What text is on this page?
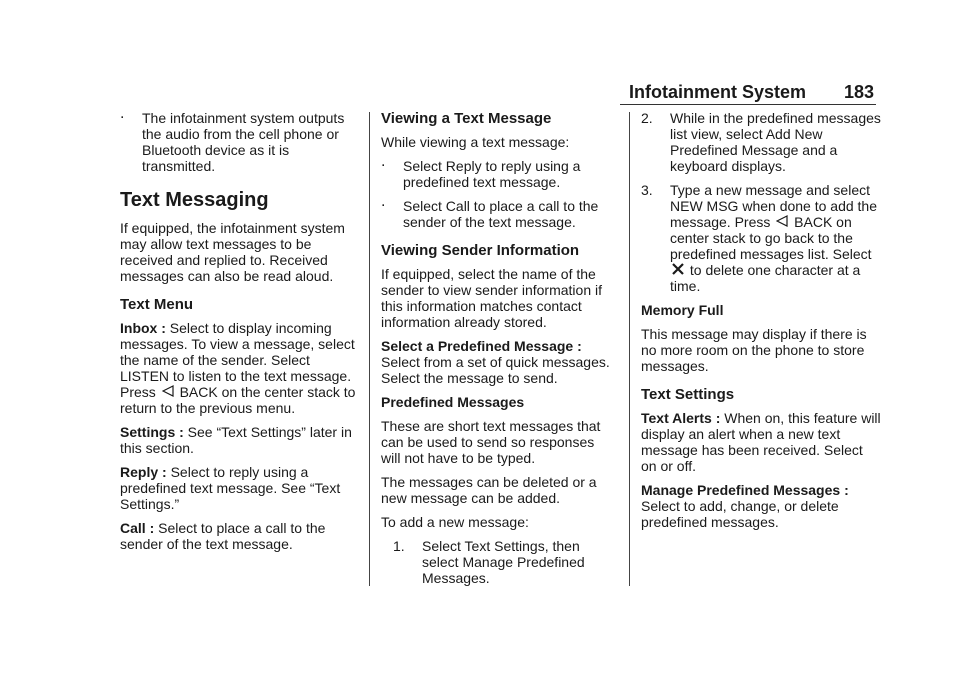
Infotainment System 183
. The infotainment system outputs the audio from the cell phone or Bluetooth device as it is transmitted.
Text Messaging

If equipped, the infotainment system may allow text messages to be received and replied to. Received messages can also be read aloud.

Text Menu

Inbox : Select to display incoming messages. To view a message, select the name of the sender. Select LISTEN to listen to the text message. Press BACK on the center stack to return to the previous menu.

Settings : See “Text Settings” later in this section.

Reply : Select to reply using a predefined text message. See “Text Settings.”

Call : Select to place a call to the sender of the text message.

Viewing a Text Message

While viewing a text message:

. Select Reply to reply using a predefined text message.
. Select Call to place a call to the sender of the text message.
Viewing Sender Information

If equipped, select the name of the sender to view sender information if this information matches contact information already stored.

Select a Predefined Message :
Select from a set of quick messages. Select the message to send.

Predefined Messages

These are short text messages that can be used to send so responses will not have to be typed.

The messages can be deleted or a new message can be added.

To add a new message:

1. Select Text Settings, then select Manage Predefined Messages.
2. While in the predefined messages list view, select Add New Predefined Message and a keyboard displays.
3. Type a new message and select NEW MSG when done to add the message. Press BACK on center stack to go back to the predefined messages list. Select  to delete one character at a time.

Memory Full

This message may display if there is no more room on the phone to store messages.

Text Settings

Text Alerts : When on, this feature will display an alert when a new text message has been received. Select on or off.

Manage Predefined Messages :
Select to add, change, or delete predefined messages.
